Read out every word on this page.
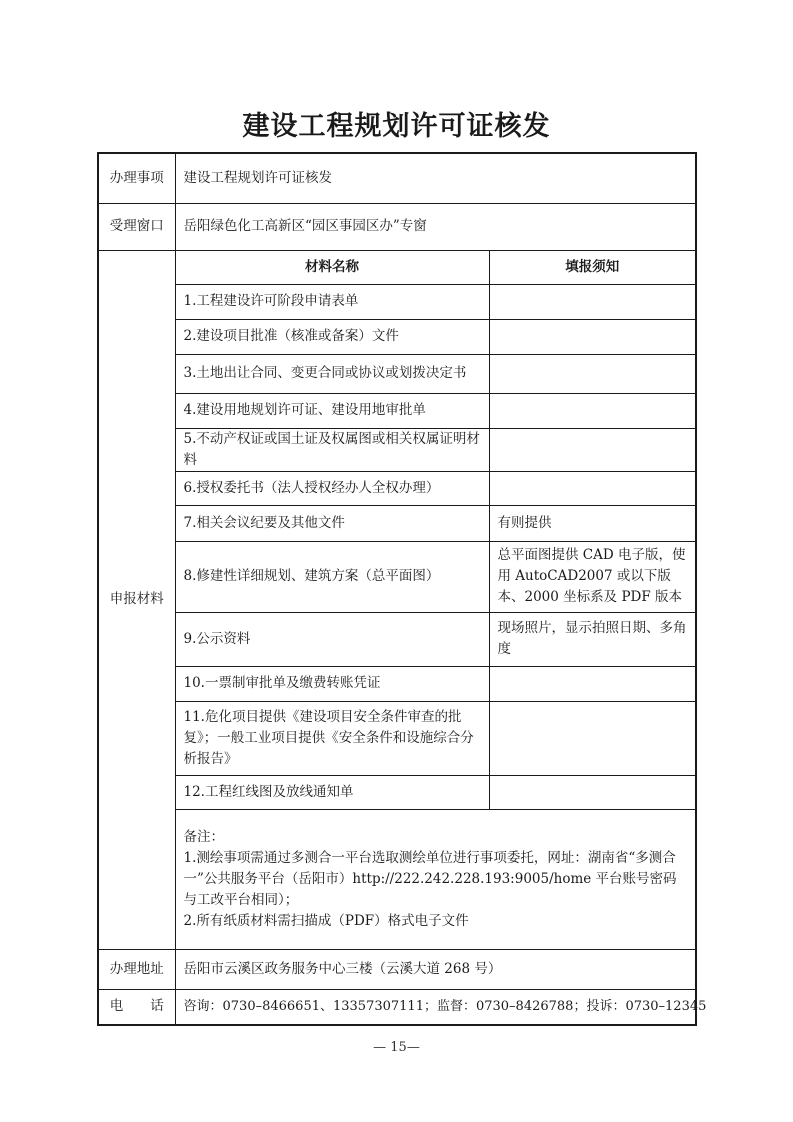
建设工程规划许可证核发
办理事项	建设工程规划许可证核发	
受理窗口	岳阳绿色化工高新区“园区事园区办”专窗	
申报材料	材料名称	填报须知
	1.工程建设许可阶段申请表单	
	2.建设项目批准（核准或备案）文件	
	3.土地出让合同、变更合同或协议或划拨决定书	
	4.建设用地规划许可证、建设用地审批单	
	5.不动产权证或国土证及权属图或相关权属证明材料	
	6.授权委托书（法人授权经办人全权办理）	
	7.相关会议纪要及其他文件	有则提供
	8.修建性详细规划、建筑方案（总平面图）	总平面图提供 CAD 电子版，使用 AutoCAD2007 或以下版本、2000 坐标系及 PDF 版本
	9.公示资料	现场照片，显示拍照日期、多角度
	10.一票制审批单及缴费转账凭证	
	11.危化项目提供《建设项目安全条件审查的批复》；一般工业项目提供《安全条件和设施综合分析报告》	
	12.工程红线图及放线通知单	

	备注：
1.测绘事项需通过多测合一平台选取测绘单位进行事项委托，网址：湖南省“多测合一”公共服务平台（岳阳市）http://222.242.228.193:9005/home 平台账号密码与工改平台相同）；
2.所有纸质材料需扫描成（PDF）格式电子文件	

办理地址	岳阳市云溪区政务服务中心三楼（云溪大道 268 号）	
电　　话	咨询：0730–8466651、13357307111；监督：0730–8426788；投诉：0730–12345	
— 15—
